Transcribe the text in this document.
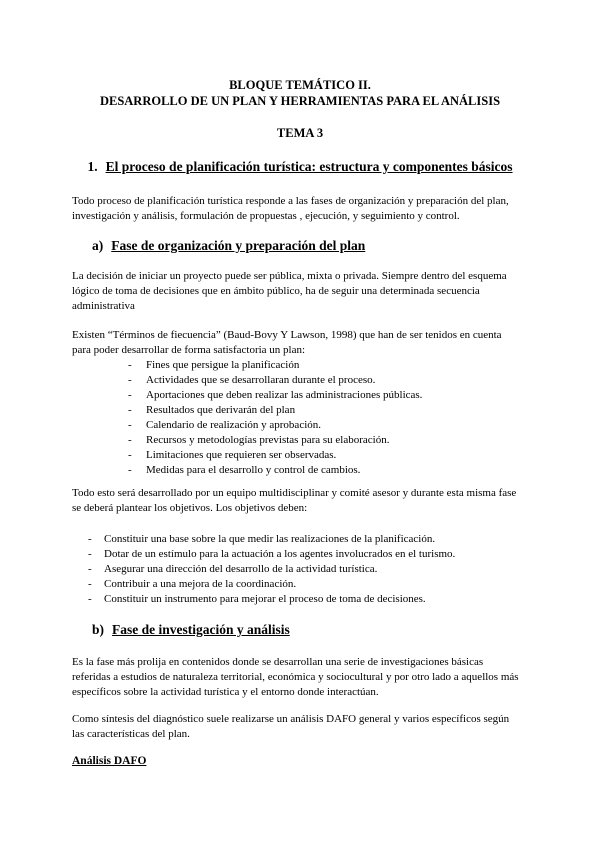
BLOQUE TEMÁTICO II.
DESARROLLO DE UN PLAN Y HERRAMIENTAS PARA EL ANÁLISIS
TEMA 3
1. El proceso de planificación turística: estructura y componentes básicos
Todo proceso de planificación turística responde a las fases de organización y preparación del plan,
investigación y análisis, formulación de propuestas , ejecución, y seguimiento y control.
a) Fase de organización y preparación del plan
La decisión de iniciar un proyecto puede ser pública, mixta o privada. Siempre dentro del esquema
lógico de toma de decisiones que en ámbito público, ha de seguir una determinada secuencia
administrativa
Existen “Términos de fiecuencia” (Baud-Bovy Y Lawson, 1998) que han de ser tenidos en cuenta
para poder desarrollar de forma satisfactoria un plan:
- Fines que persigue la planificación
- Actividades que se desarrollaran durante el proceso.
- Aportaciones que deben realizar las administraciones públicas.
- Resultados que derivarán del plan
- Calendario de realización y aprobación.
- Recursos y metodologías previstas para su elaboración.
- Limitaciones que requieren ser observadas.
- Medidas para el desarrollo y control de cambios.
Todo esto será desarrollado por un equipo multidisciplinar y comité asesor y durante esta misma fase
se deberá plantear los objetivos. Los objetivos deben:
- Constituir una base sobre la que medir las realizaciones de la planificación.
- Dotar de un estímulo para la actuación a los agentes involucrados en el turismo.
- Asegurar una dirección del desarrollo de la actividad turística.
- Contribuir a una mejora de la coordinación.
- Constituir un instrumento para mejorar el proceso de toma de decisiones.
b) Fase de investigación y análisis
Es la fase más prolija en contenidos donde se desarrollan una serie de investigaciones básicas
referidas a estudios de naturaleza territorial, económica y sociocultural y por otro lado a aquellos más
específicos sobre la actividad turística y el entorno donde interactúan.
Como síntesis del diagnóstico suele realizarse un análisis DAFO general y varios específicos según
las características del plan.
Análisis DAFO
